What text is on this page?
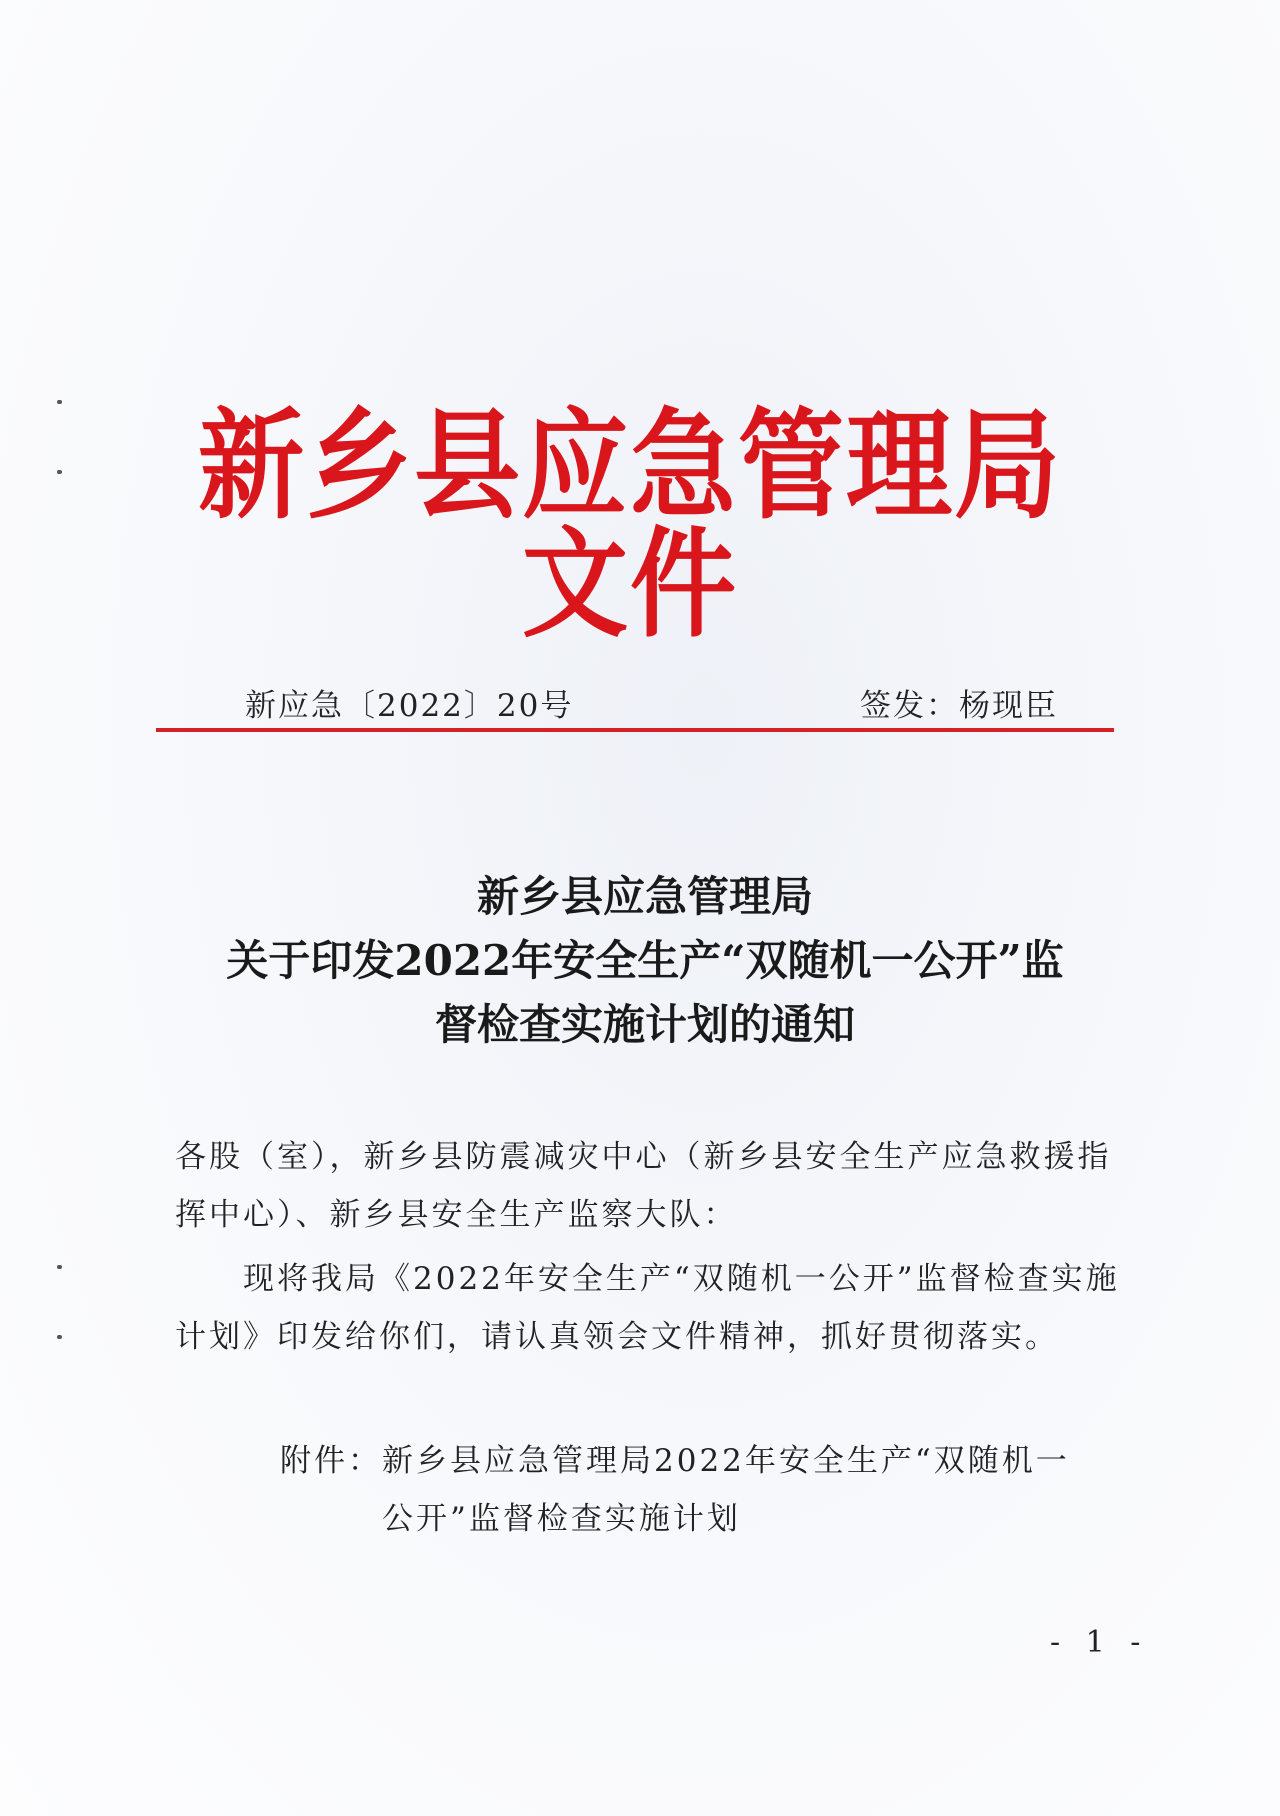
新乡县应急管理局文件
新应急〔2022〕20号	签发：杨现臣
新乡县应急管理局
关于印发2022年安全生产“双随机一公开”监
督检查实施计划的通知
各股（室），新乡县防震减灾中心（新乡县安全生产应急救援指挥中心）、新乡县安全生产监察大队：
现将我局《2022年安全生产“双随机一公开”监督检查实施计划》印发给你们，请认真领会文件精神，抓好贯彻落实。
附件：新乡县应急管理局2022年安全生产“双随机一
公开”监督检查实施计划
- 1 -
